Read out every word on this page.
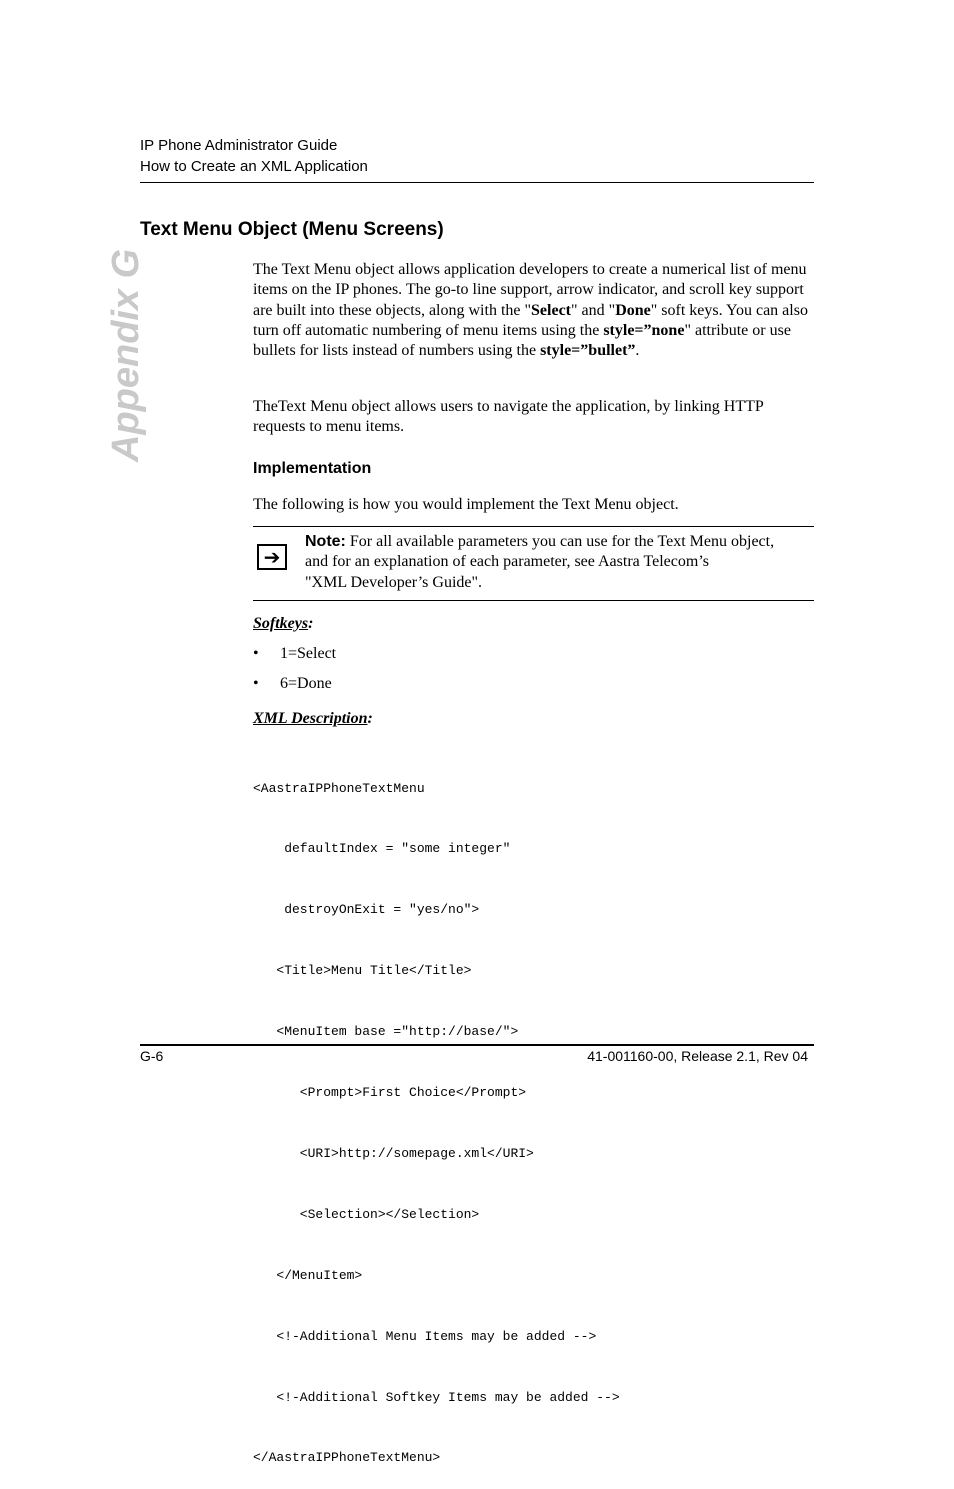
IP Phone Administrator Guide
How to Create an XML Application
Appendix G
Text Menu Object (Menu Screens)

The Text Menu object allows application developers to create a numerical list of menu items on the IP phones. The go-to line support, arrow indicator, and scroll key support are built into these objects, along with the "Select" and "Done" soft keys. You can also turn off automatic numbering of menu items using the style=”none" attribute or use bullets for lists instead of numbers using the style=”bullet”.

TheText Menu object allows users to navigate the application, by linking HTTP requests to menu items.

Implementation

The following is how you would implement the Text Menu object.

➔
Note: For all available parameters you can use for the Text Menu object,
and for an explanation of each parameter, see Aastra Telecom’s
"XML Developer’s Guide".
Softkeys:
• 1=Select
• 6=Done
XML Description:

<AastraIPPhoneTextMenu

defaultIndex = "some integer"

destroyOnExit = "yes/no">

<Title>Menu Title</Title>

<MenuItem base ="http://base/">

<Prompt>First Choice</Prompt>

<URI>http://somepage.xml</URI>

<Selection></Selection>

</MenuItem>

<!-Additional Menu Items may be added -->

<!-Additional Softkey Items may be added -->

</AastraIPPhoneTextMenu>

G-6	41-001160-00, Release 2.1, Rev 04
